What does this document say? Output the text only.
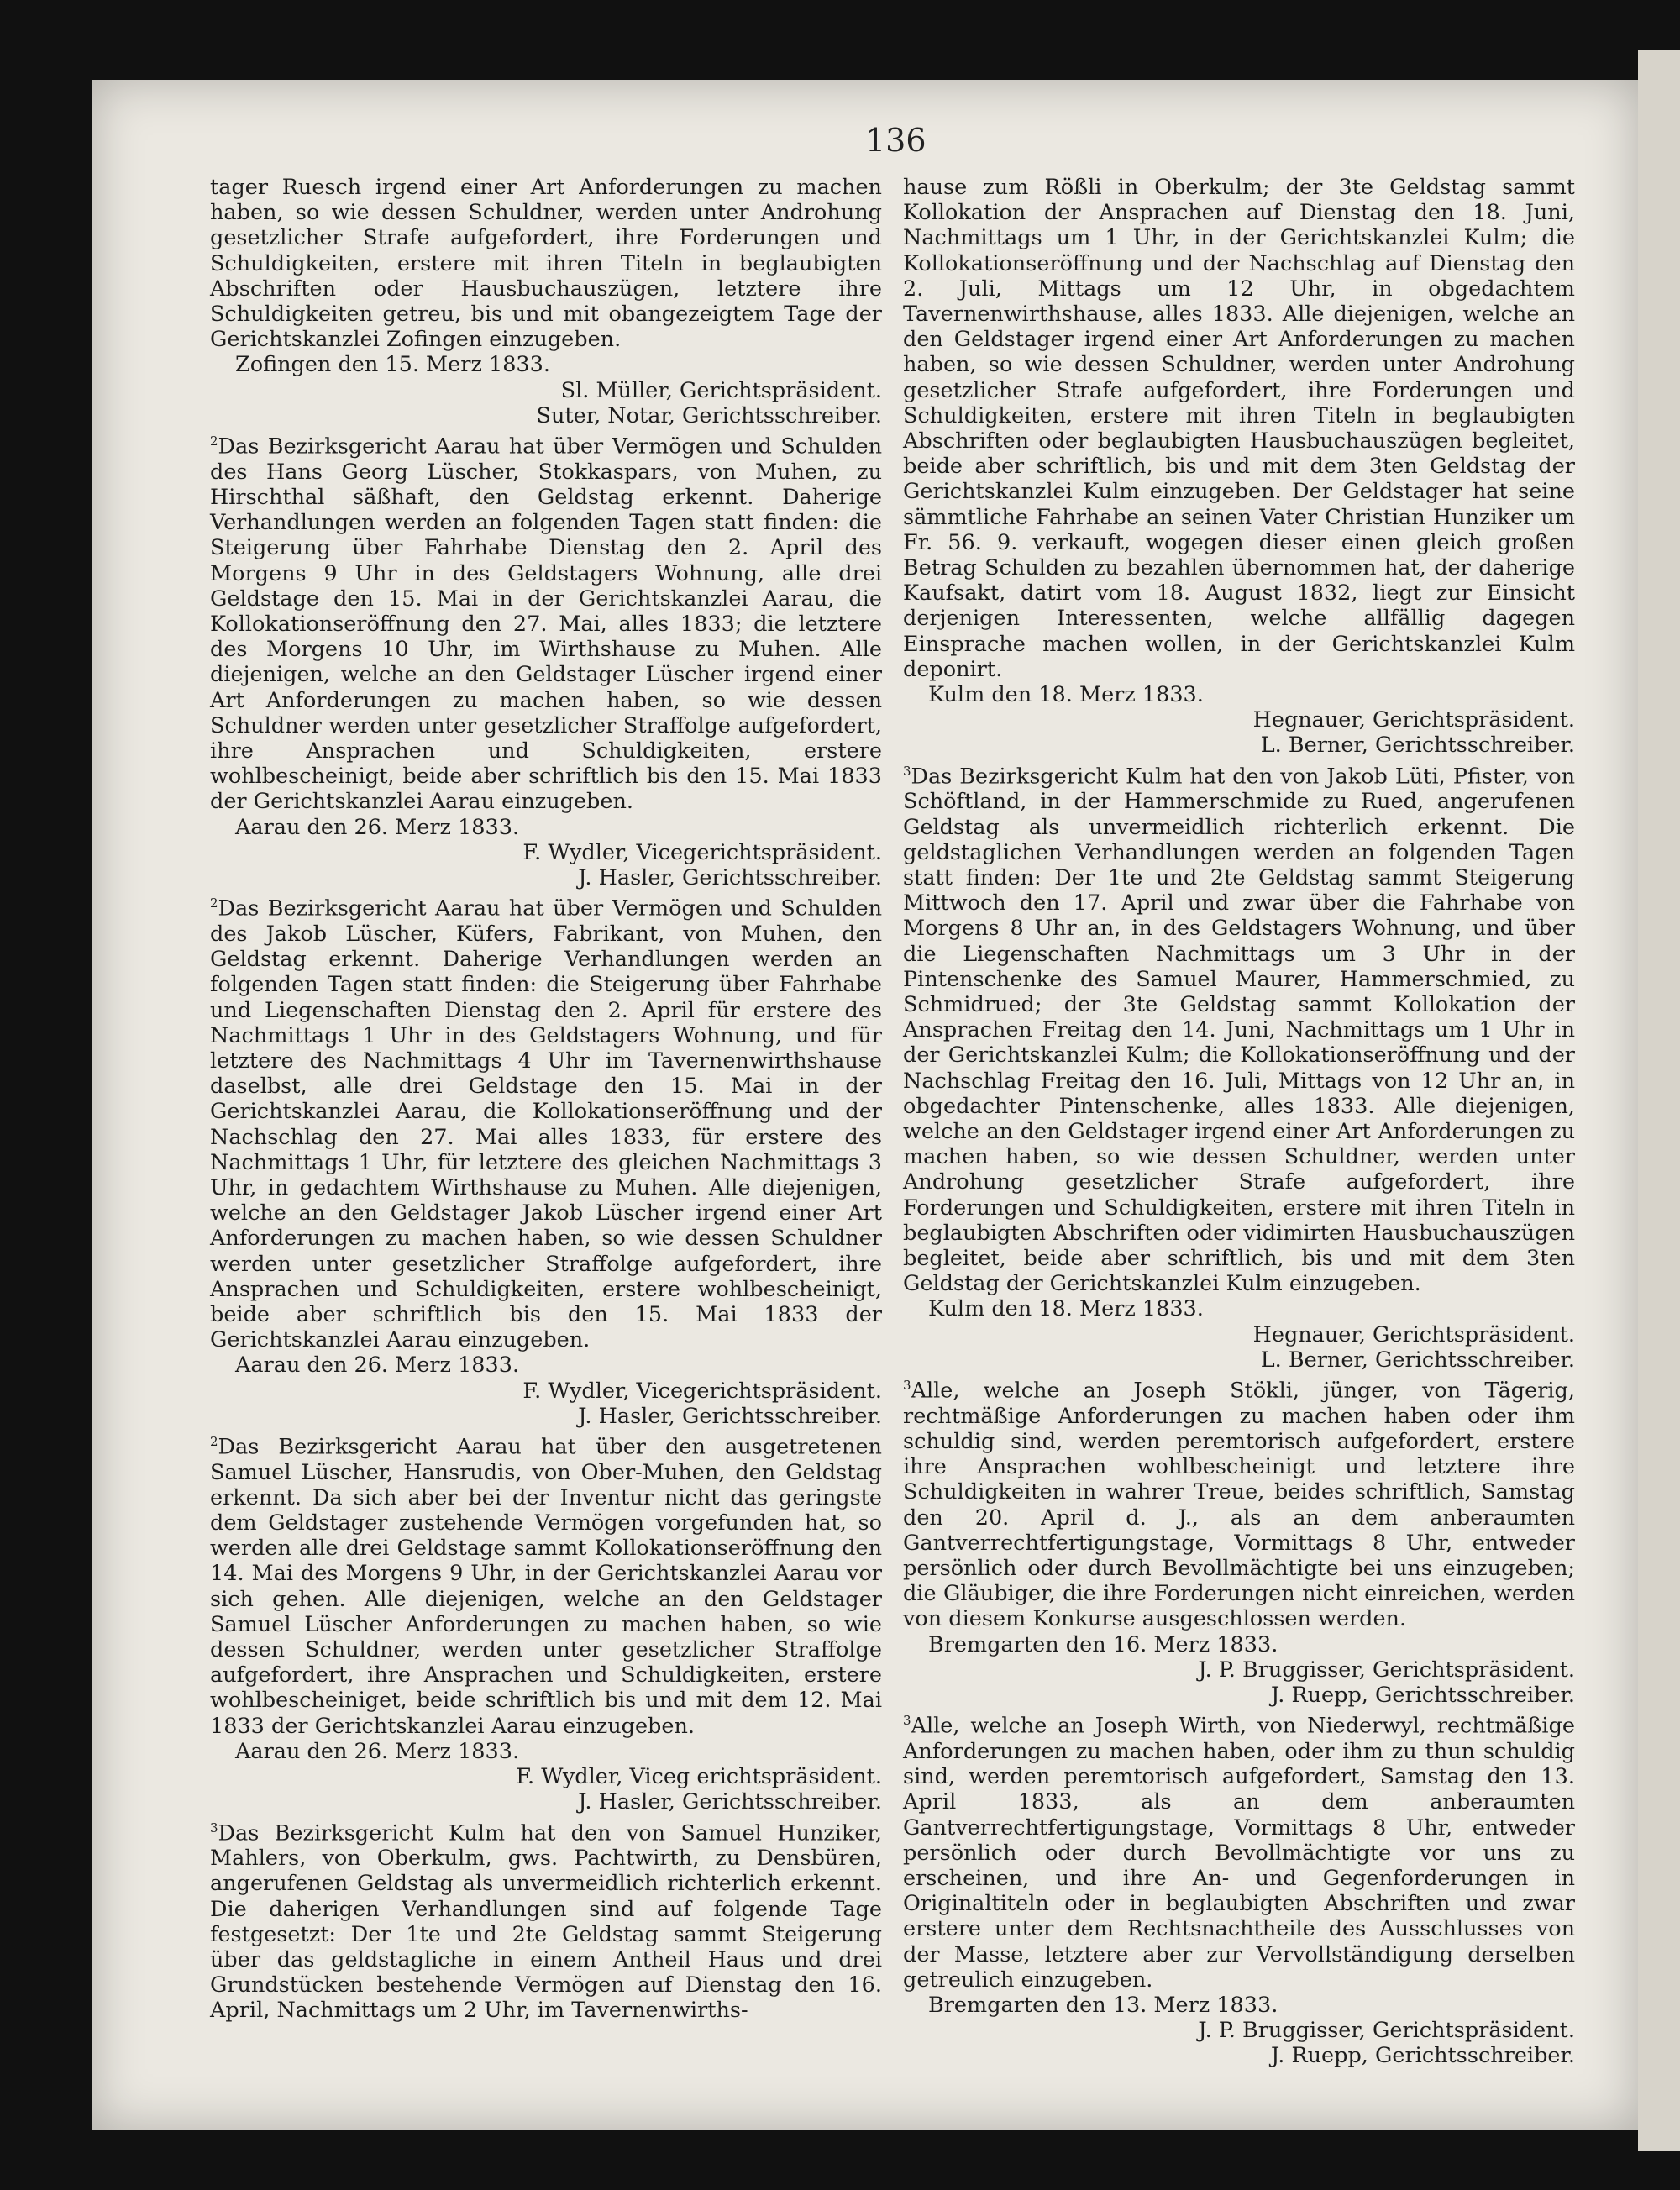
136

tager Ruesch irgend einer Art Anforderungen zu machen haben, so wie dessen Schuldner, werden unter Androhung gesetzlicher Strafe aufgefordert, ihre Forderungen und Schuldigkeiten, erstere mit ihren Titeln in beglaubigten Abschriften oder Hausbuchauszügen, letztere ihre Schuldigkeiten getreu, bis und mit obangezeigtem Tage der Gerichtskanzlei Zofingen einzugeben.

Zofingen den 15. Merz 1833.

Sl. Müller, Gerichtspräsident.

Suter, Notar, Gerichtsschreiber.

$^2$Das Bezirksgericht Aarau hat über Vermögen und Schulden des Hans Georg Lüscher, Stokkaspars, von Muhen, zu Hirschthal säßhaft, den Geldstag erkennt. Daherige Verhandlungen werden an folgenden Tagen statt finden: die Steigerung über Fahrhabe Dienstag den 2. April des Morgens 9 Uhr in des Geldstagers Wohnung, alle drei Geldstage den 15. Mai in der Gerichtskanzlei Aarau, die Kollokationseröffnung den 27. Mai, alles 1833; die letztere des Morgens 10 Uhr, im Wirthshause zu Muhen. Alle diejenigen, welche an den Geldstager Lüscher irgend einer Art Anforderungen zu machen haben, so wie dessen Schuldner werden unter gesetzlicher Straffolge aufgefordert, ihre Ansprachen und Schuldigkeiten, erstere wohlbescheinigt, beide aber schriftlich bis den 15. Mai 1833 der Gerichtskanzlei Aarau einzugeben.

Aarau den 26. Merz 1833.

F. Wydler, Vicegerichtspräsident.

J. Hasler, Gerichtsschreiber.

$^2$Das Bezirksgericht Aarau hat über Vermögen und Schulden des Jakob Lüscher, Küfers, Fabrikant, von Muhen, den Geldstag erkennt. Daherige Verhandlungen werden an folgenden Tagen statt finden: die Steigerung über Fahrhabe und Liegenschaften Dienstag den 2. April für erstere des Nachmittags 1 Uhr in des Geldstagers Wohnung, und für letztere des Nachmittags 4 Uhr im Tavernenwirthshause daselbst, alle drei Geldstage den 15. Mai in der Gerichtskanzlei Aarau, die Kollokationseröffnung und der Nachschlag den 27. Mai alles 1833, für erstere des Nachmittags 1 Uhr, für letztere des gleichen Nachmittags 3 Uhr, in gedachtem Wirthshause zu Muhen. Alle diejenigen, welche an den Geldstager Jakob Lüscher irgend einer Art Anforderungen zu machen haben, so wie dessen Schuldner werden unter gesetzlicher Straffolge aufgefordert, ihre Ansprachen und Schuldigkeiten, erstere wohlbescheinigt, beide aber schriftlich bis den 15. Mai 1833 der Gerichtskanzlei Aarau einzugeben.

Aarau den 26. Merz 1833.

F. Wydler, Vicegerichtspräsident.

J. Hasler, Gerichtsschreiber.

$^2$Das Bezirksgericht Aarau hat über den ausgetretenen Samuel Lüscher, Hansrudis, von Ober-Muhen, den Geldstag erkennt. Da sich aber bei der Inventur nicht das geringste dem Geldstager zustehende Vermögen vorgefunden hat, so werden alle drei Geldstage sammt Kollokationseröffnung den 14. Mai des Morgens 9 Uhr, in der Gerichtskanzlei Aarau vor sich gehen. Alle diejenigen, welche an den Geldstager Samuel Lüscher Anforderungen zu machen haben, so wie dessen Schuldner, werden unter gesetzlicher Straffolge aufgefordert, ihre Ansprachen und Schuldigkeiten, erstere wohlbescheiniget, beide schriftlich bis und mit dem 12. Mai 1833 der Gerichtskanzlei Aarau einzugeben.

Aarau den 26. Merz 1833.

F. Wydler, Viceg erichtspräsident.

J. Hasler, Gerichtsschreiber.

$^3$Das Bezirksgericht Kulm hat den von Samuel Hunziker, Mahlers, von Oberkulm, gws. Pachtwirth, zu Densbüren, angerufenen Geldstag als unvermeidlich richterlich erkennt. Die daherigen Verhandlungen sind auf folgende Tage festgesetzt: Der 1te und 2te Geldstag sammt Steigerung über das geldstagliche in einem Antheil Haus und drei Grundstücken bestehende Vermögen auf Dienstag den 16. April, Nachmittags um 2 Uhr, im Tavernenwirths-

hause zum Rößli in Oberkulm; der 3te Geldstag sammt Kollokation der Ansprachen auf Dienstag den 18. Juni, Nachmittags um 1 Uhr, in der Gerichtskanzlei Kulm; die Kollokationseröffnung und der Nachschlag auf Dienstag den 2. Juli, Mittags um 12 Uhr, in obgedachtem Tavernenwirthshause, alles 1833. Alle diejenigen, welche an den Geldstager irgend einer Art Anforderungen zu machen haben, so wie dessen Schuldner, werden unter Androhung gesetzlicher Strafe aufgefordert, ihre Forderungen und Schuldigkeiten, erstere mit ihren Titeln in beglaubigten Abschriften oder beglaubigten Hausbuchauszügen begleitet, beide aber schriftlich, bis und mit dem 3ten Geldstag der Gerichtskanzlei Kulm einzugeben. Der Geldstager hat seine sämmtliche Fahrhabe an seinen Vater Christian Hunziker um Fr. 56. 9. verkauft, wogegen dieser einen gleich großen Betrag Schulden zu bezahlen übernommen hat, der daherige Kaufsakt, datirt vom 18. August 1832, liegt zur Einsicht derjenigen Interessenten, welche allfällig dagegen Einsprache machen wollen, in der Gerichtskanzlei Kulm deponirt.

Kulm den 18. Merz 1833.

Hegnauer, Gerichtspräsident.

L. Berner, Gerichtsschreiber.

$^3$Das Bezirksgericht Kulm hat den von Jakob Lüti, Pfister, von Schöftland, in der Hammerschmide zu Rued, angerufenen Geldstag als unvermeidlich richterlich erkennt. Die geldstaglichen Verhandlungen werden an folgenden Tagen statt finden: Der 1te und 2te Geldstag sammt Steigerung Mittwoch den 17. April und zwar über die Fahrhabe von Morgens 8 Uhr an, in des Geldstagers Wohnung, und über die Liegenschaften Nachmittags um 3 Uhr in der Pintenschenke des Samuel Maurer, Hammerschmied, zu Schmidrued; der 3te Geldstag sammt Kollokation der Ansprachen Freitag den 14. Juni, Nachmittags um 1 Uhr in der Gerichtskanzlei Kulm; die Kollokationseröffnung und der Nachschlag Freitag den 16. Juli, Mittags von 12 Uhr an, in obgedachter Pintenschenke, alles 1833. Alle diejenigen, welche an den Geldstager irgend einer Art Anforderungen zu machen haben, so wie dessen Schuldner, werden unter Androhung gesetzlicher Strafe aufgefordert, ihre Forderungen und Schuldigkeiten, erstere mit ihren Titeln in beglaubigten Abschriften oder vidimirten Hausbuchauszügen begleitet, beide aber schriftlich, bis und mit dem 3ten Geldstag der Gerichtskanzlei Kulm einzugeben.

Kulm den 18. Merz 1833.

Hegnauer, Gerichtspräsident.

L. Berner, Gerichtsschreiber.

$^3$Alle, welche an Joseph Stökli, jünger, von Tägerig, rechtmäßige Anforderungen zu machen haben oder ihm schuldig sind, werden peremtorisch aufgefordert, erstere ihre Ansprachen wohlbescheinigt und letztere ihre Schuldigkeiten in wahrer Treue, beides schriftlich, Samstag den 20. April d. J., als an dem anberaumten Gantverrechtfertigungstage, Vormittags 8 Uhr, entweder persönlich oder durch Bevollmächtigte bei uns einzugeben; die Gläubiger, die ihre Forderungen nicht einreichen, werden von diesem Konkurse ausgeschlossen werden.

Bremgarten den 16. Merz 1833.

J. P. Bruggisser, Gerichtspräsident.

J. Ruepp, Gerichtsschreiber.

$^3$Alle, welche an Joseph Wirth, von Niederwyl, rechtmäßige Anforderungen zu machen haben, oder ihm zu thun schuldig sind, werden peremtorisch aufgefordert, Samstag den 13. April 1833, als an dem anberaumten Gantverrechtfertigungstage, Vormittags 8 Uhr, entweder persönlich oder durch Bevollmächtigte vor uns zu erscheinen, und ihre An- und Gegenforderungen in Originaltiteln oder in beglaubigten Abschriften und zwar erstere unter dem Rechtsnachtheile des Ausschlusses von der Masse, letztere aber zur Vervollständigung derselben getreulich einzugeben.

Bremgarten den 13. Merz 1833.

J. P. Bruggisser, Gerichtspräsident.

J. Ruepp, Gerichtsschreiber.
